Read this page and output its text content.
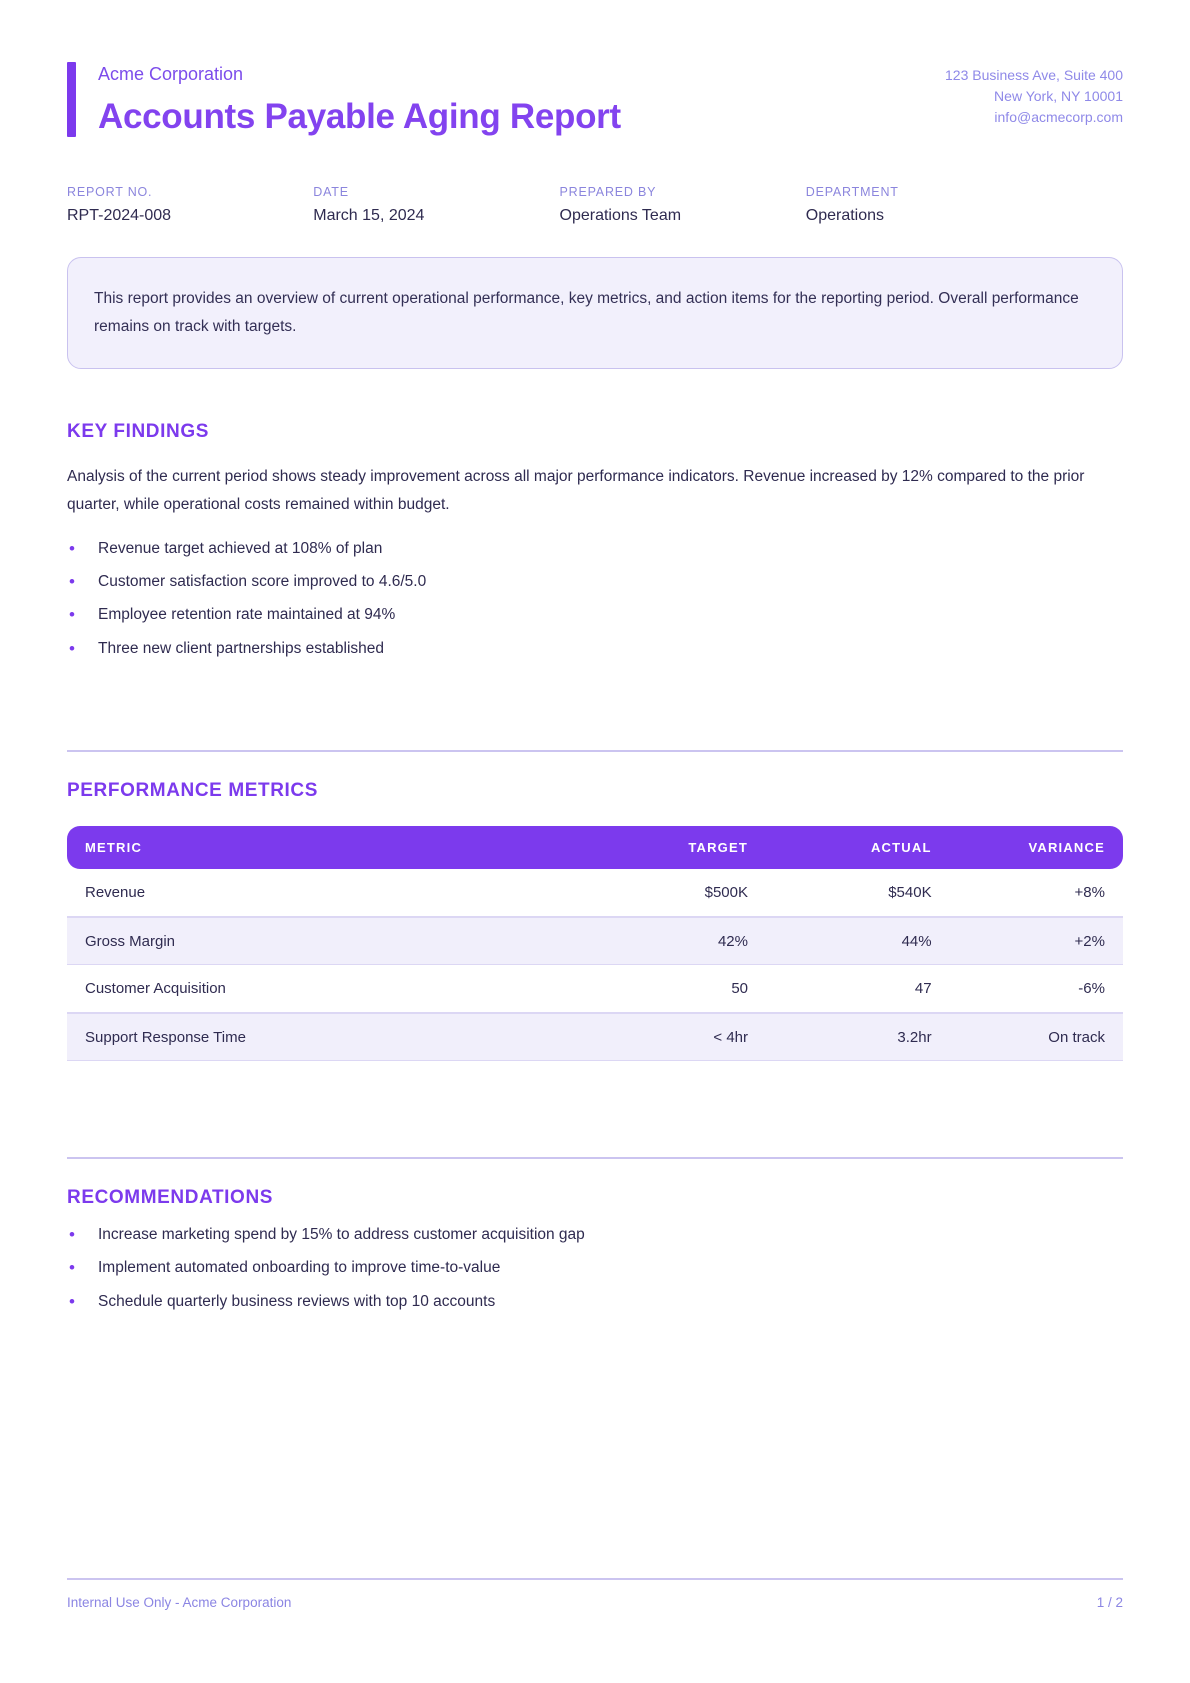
Acme Corporation
Accounts Payable Aging Report
123 Business Ave, Suite 400
New York, NY 10001
info@acmecorp.com
REPORT NO.
RPT-2024-008
DATE
March 15, 2024
PREPARED BY
Operations Team
DEPARTMENT
Operations
This report provides an overview of current operational performance, key metrics, and action items for the reporting period. Overall performance remains on track with targets.
KEY FINDINGS

Analysis of the current period shows steady improvement across all major performance indicators. Revenue increased by 12% compared to the prior quarter, while operational costs remained within budget.

• Revenue target achieved at 108% of plan
• Customer satisfaction score improved to 4.6/5.0
• Employee retention rate maintained at 94%
• Three new client partnerships established
PERFORMANCE METRICS
METRIC	TARGET	ACTUAL	VARIANCE
Revenue	$500K	$540K	+8%
Gross Margin	42%	44%	+2%
Customer Acquisition	50	47	-6%
Support Response Time	< 4hr	3.2hr	On track
RECOMMENDATIONS
• Increase marketing spend by 15% to address customer acquisition gap
• Implement automated onboarding to improve time-to-value
• Schedule quarterly business reviews with top 10 accounts
Internal Use Only - Acme Corporation	1 / 2
